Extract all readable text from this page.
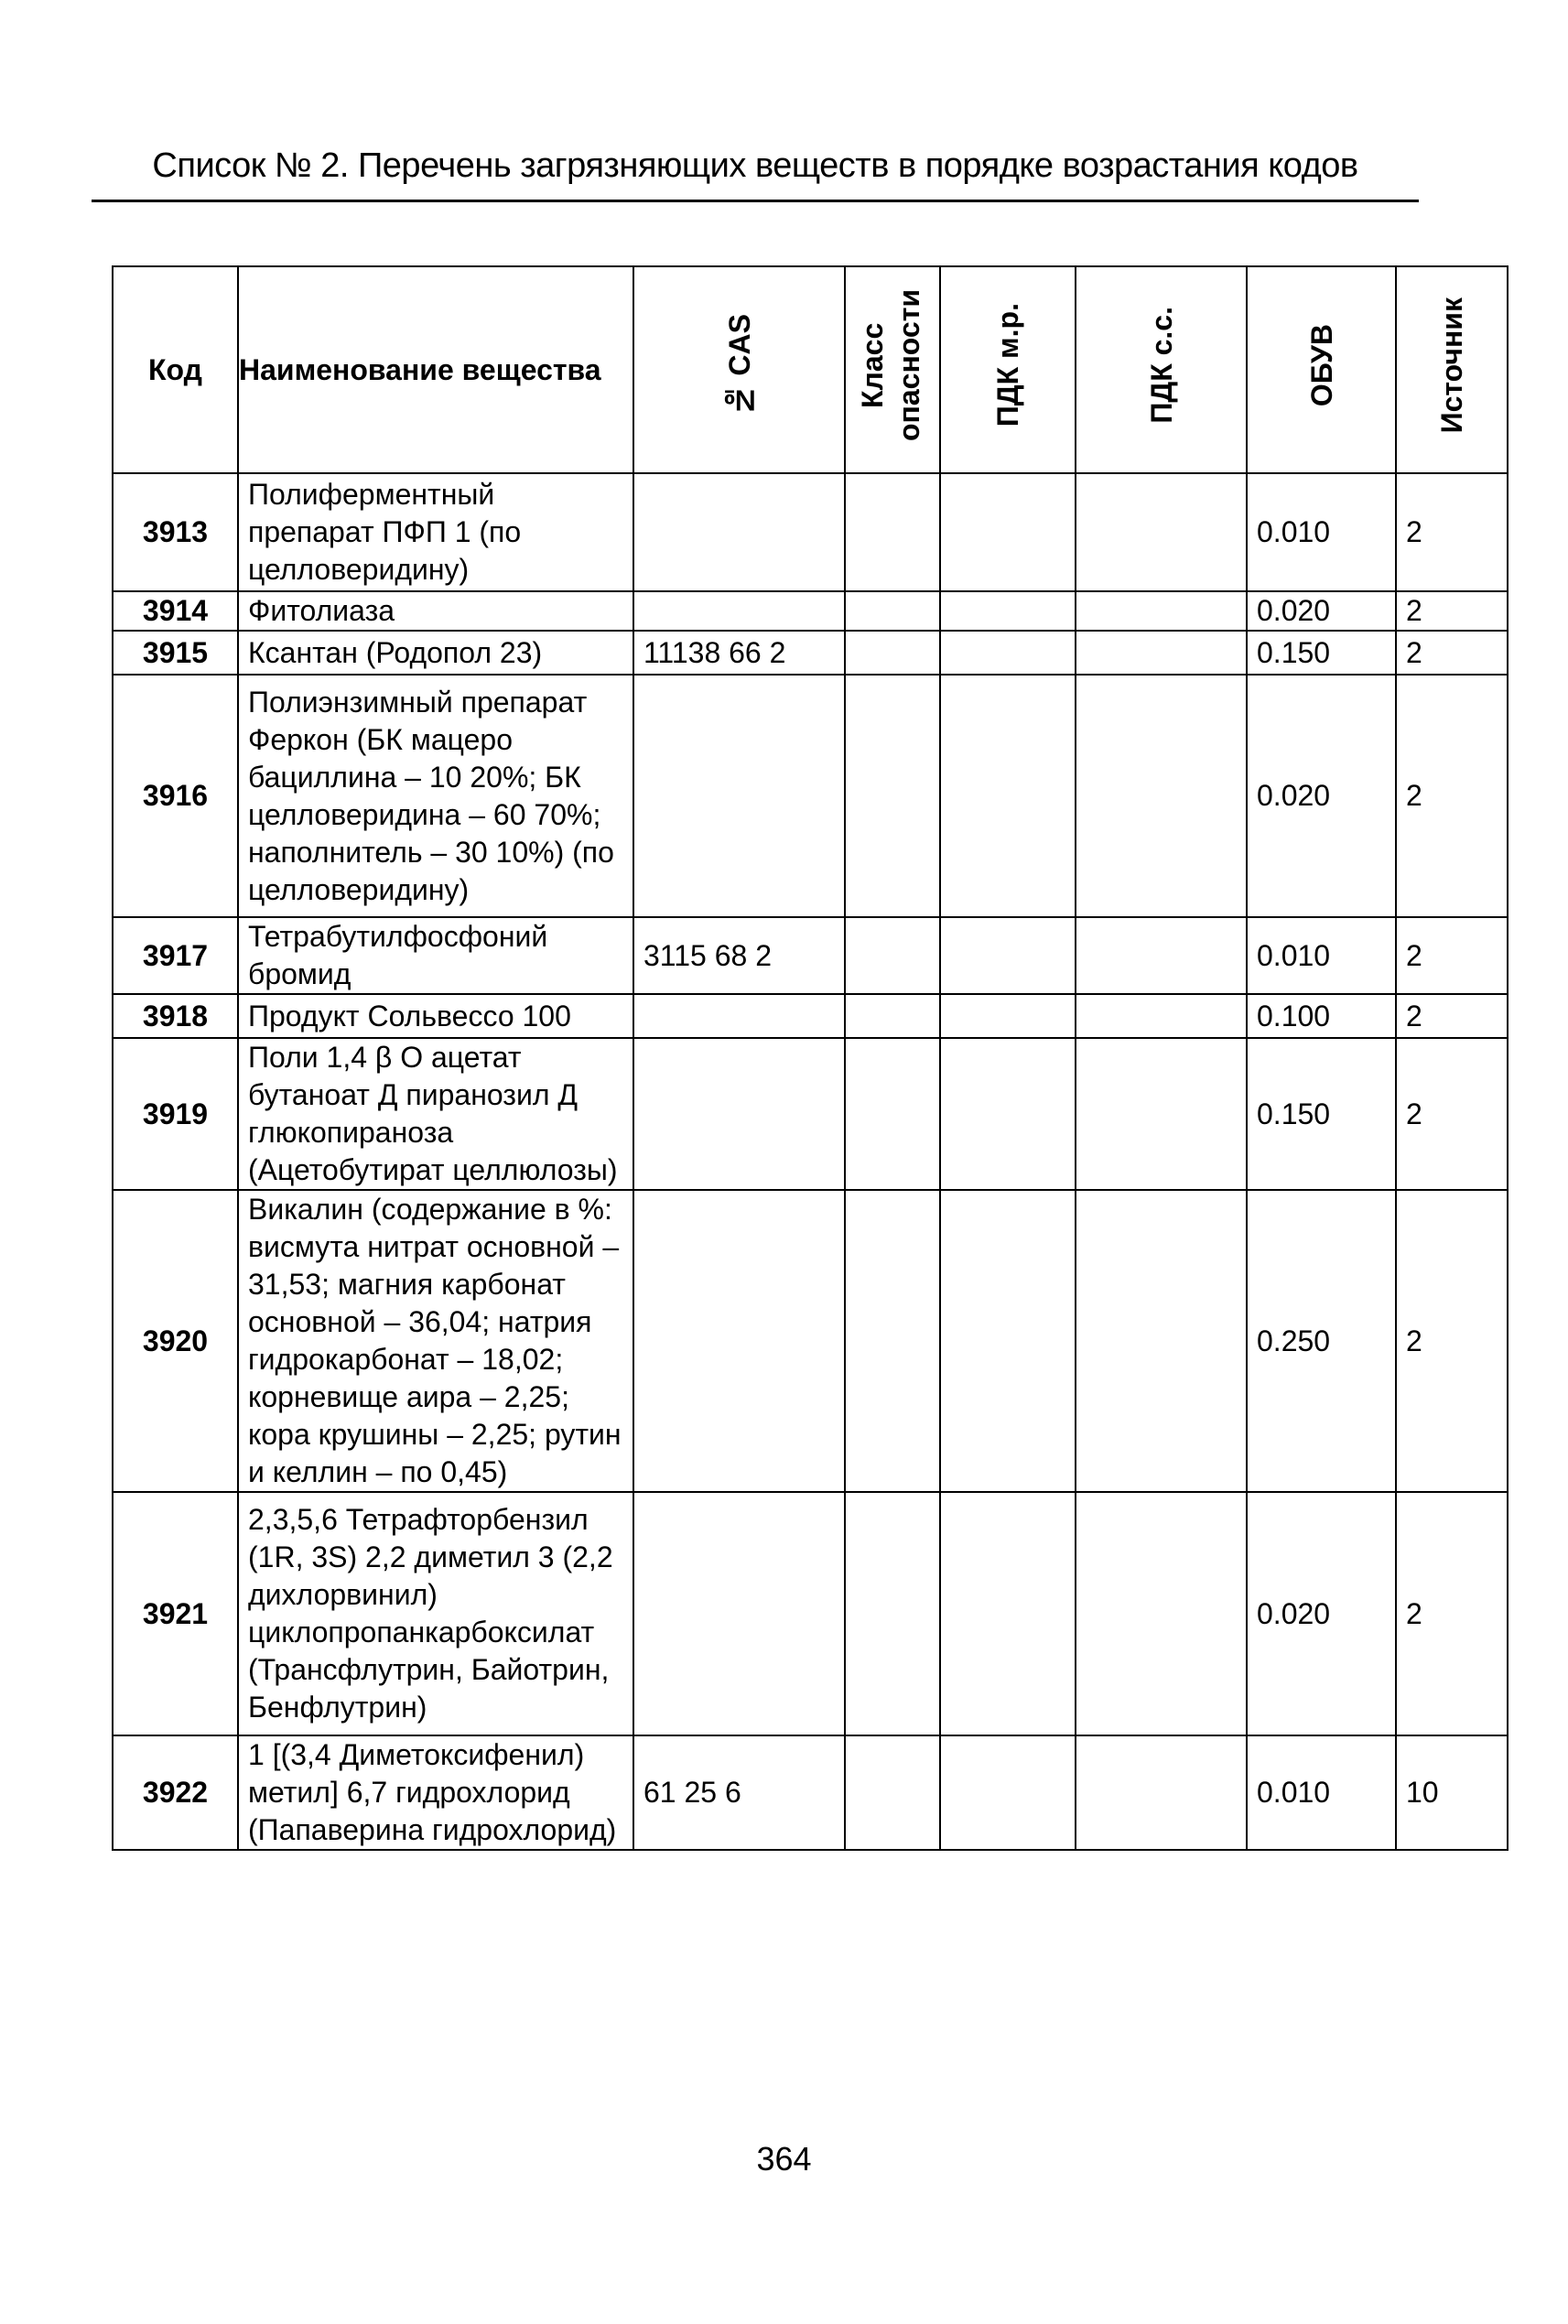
Список № 2. Перечень загрязняющих веществ в порядке возрастания кодов
Код	Наименование вещества	№ CAS	Класс опасности	ПДК м.р.	ПДК с.с.	ОБУВ	Источник
3913	Полиферментный препарат ПФП 1 (по целловеридину)					0.010	2
3914	Фитолиаза					0.020	2
3915	Ксантан (Родопол 23)	11138 66 2				0.150	2
3916	Полиэнзимный препарат Феркон (БК мацеро бациллина – 10 20%; БК целловеридина – 60 70%; наполнитель – 30 10%) (по целловеридину)					0.020	2
3917	Тетрабутилфосфоний бромид	3115 68 2				0.010	2
3918	Продукт Сольвессо 100					0.100	2
3919	Поли 1,4 β O ацетат бутаноат Д пиранозил Д глюкопираноза (Ацетобутират целлюлозы)					0.150	2
3920	Викалин (содержание в %: висмута нитрат основной – 31,53; магния карбонат основной – 36,04; натрия гидрокарбонат – 18,02; корневище аира – 2,25; кора крушины – 2,25; рутин и келлин – по 0,45)					0.250	2
3921	2,3,5,6 Тетрафторбензил (1R, 3S) 2,2 диметил 3 (2,2 дихлорвинил) циклопропанкарбоксилат (Трансфлутрин, Байотрин, Бенфлутрин)					0.020	2
3922	1 [(3,4 Диметоксифенил) метил] 6,7 гидрохлорид (Папаверина гидрохлорид)	61 25 6				0.010	10
364
